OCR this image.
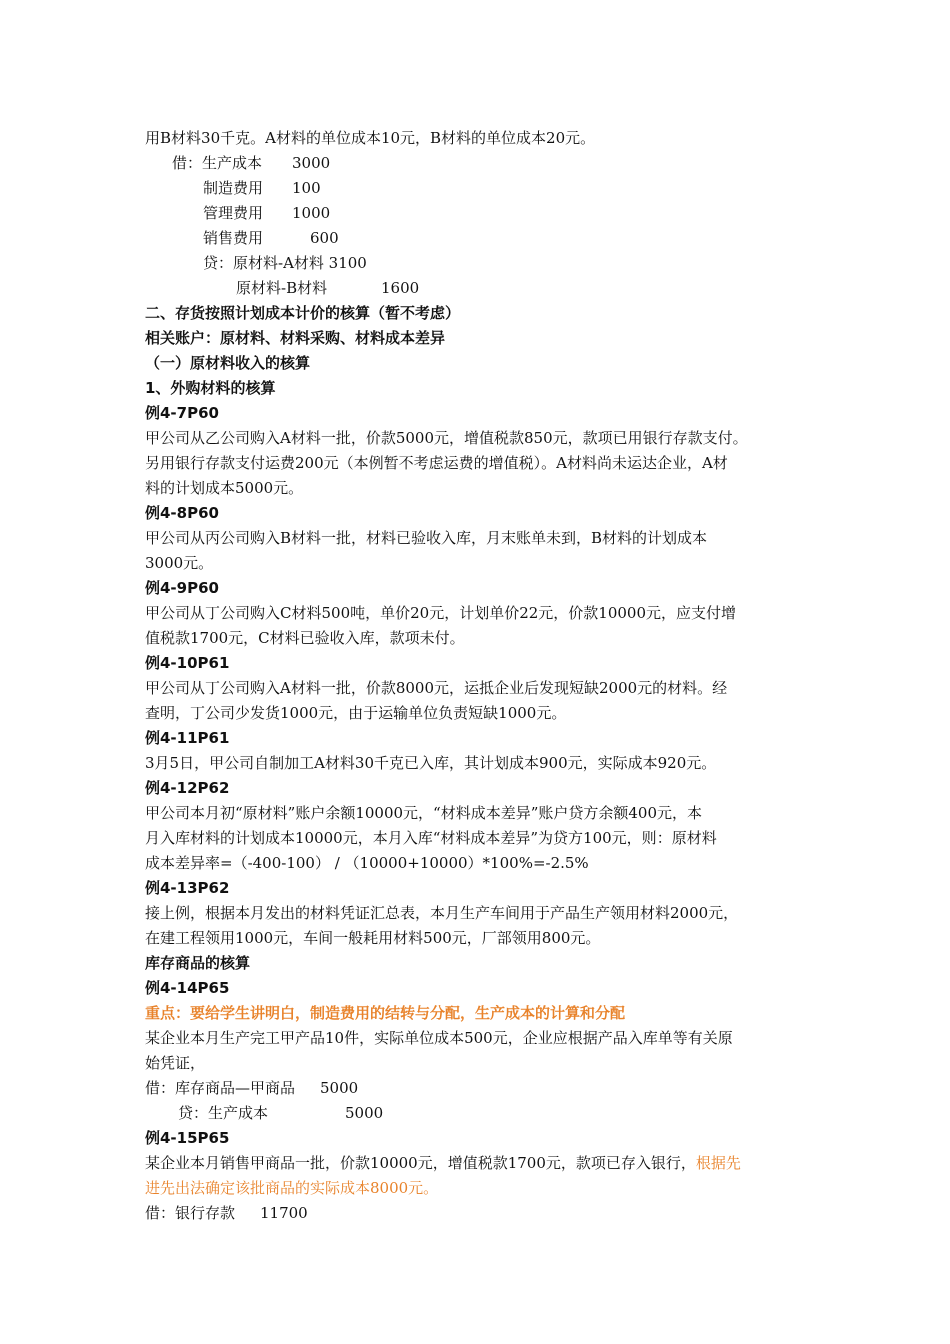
用B材料30千克。A材料的单位成本10元，B材料的单位成本20元。
借：生产成本 3000
制造费用 100
管理费用 1000
销售费用	600
贷：原材料-A材料 3100
原材料-B材料	1600
二、存货按照计划成本计价的核算（暂不考虑）
相关账户：原材料、材料采购、材料成本差异
（一）原材料收入的核算
1、外购材料的核算
例4-7P60
甲公司从乙公司购入A材料一批，价款5000元，增值税款850元，款项已用银行存款支付。
另用银行存款支付运费200元（本例暂不考虑运费的增值税）。A材料尚未运达企业，A材
料的计划成本5000元。
例4-8P60
甲公司从丙公司购入B材料一批，材料已验收入库，月末账单未到，B材料的计划成本
3000元。
例4-9P60
甲公司从丁公司购入C材料500吨，单价20元，计划单价22元，价款10000元，应支付增
值税款1700元，C材料已验收入库，款项未付。
例4-10P61
甲公司从丁公司购入A材料一批，价款8000元，运抵企业后发现短缺2000元的材料。经
查明，丁公司少发货1000元，由于运输单位负责短缺1000元。
例4-11P61
3月5日，甲公司自制加工A材料30千克已入库，其计划成本900元，实际成本920元。
例4-12P62
甲公司本月初“原材料”账户余额10000元，“材料成本差异”账户贷方余额400元，本
月入库材料的计划成本10000元，本月入库“材料成本差异”为贷方100元，则：原材料
成本差异率=（-400-100） / （10000+10000）*100%=-2.5%
例4-13P62
接上例，根据本月发出的材料凭证汇总表，本月生产车间用于产品生产领用材料2000元，
在建工程领用1000元，车间一般耗用材料500元，厂部领用800元。
库存商品的核算
例4-14P65
重点：要给学生讲明白，制造费用的结转与分配，生产成本的计算和分配
某企业本月生产完工甲产品10件，实际单位成本500元，企业应根据产品入库单等有关原
始凭证，
借：库存商品—甲商品 5000
贷：生产成本	5000
例4-15P65
某企业本月销售甲商品一批，价款10000元，增值税款1700元，款项已存入银行，根据先
进先出法确定该批商品的实际成本8000元。
借：银行存款 11700
